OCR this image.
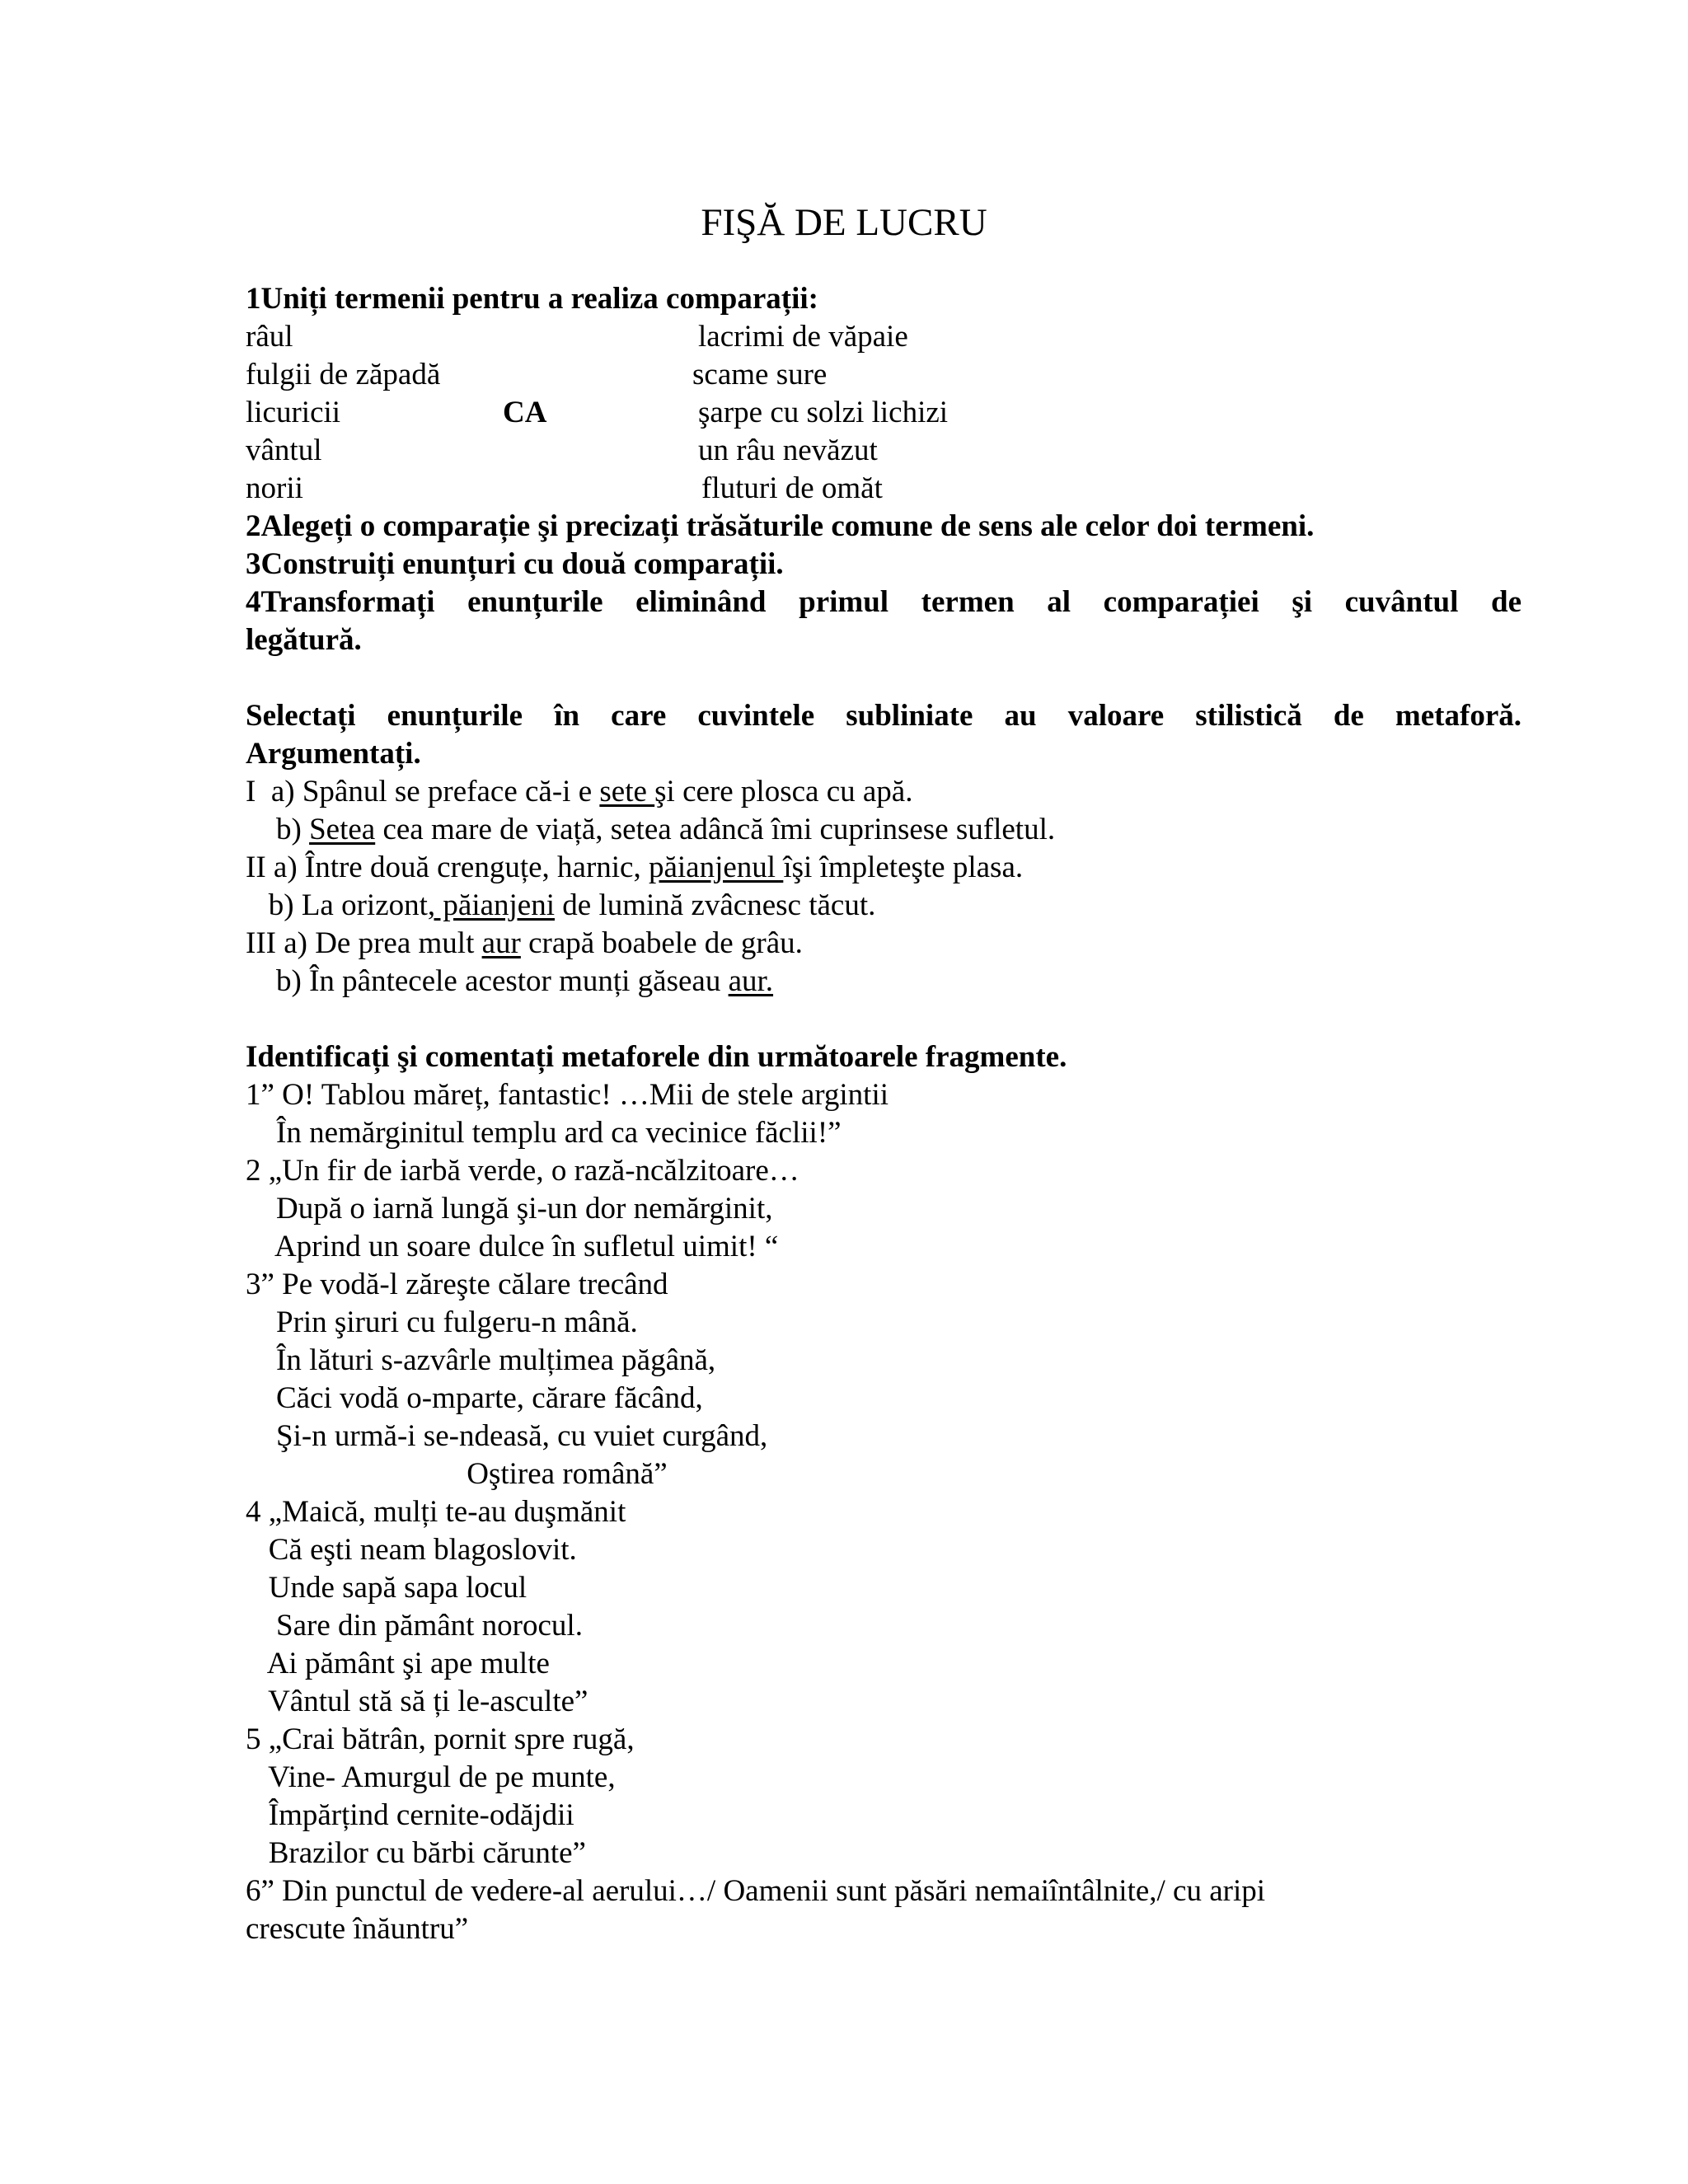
FIŞĂ DE LUCRU
1Uniți termenii pentru a realiza comparații:
râul
fulgii de zăpadă
licuricii
vântul
norii
CA
lacrimi de văpaie
scame sure
şarpe cu solzi lichizi
un râu nevăzut
fluturi de omăt
2Alegeți o comparație şi precizați trăsăturile comune de sens ale celor doi termeni.
3Construiți enunțuri cu două comparații.
4Transformați enunțurile eliminând primul termen al comparației şi cuvântul de
legătură.
Selectați enunțurile în care cuvintele subliniate au valoare stilistică de metaforă.
Argumentați.
I  a) Spânul se preface că-i e sete şi cere plosca cu apă.
b) Setea cea mare de viață, setea adâncă îmi cuprinsese sufletul.
II a) Între două crenguțe, harnic, păianjenul îşi împleteşte plasa.
b) La orizont, păianjeni de lumină zvâcnesc tăcut.
III a) De prea mult aur crapă boabele de grâu.
b) În pântecele acestor munți găseau aur.
Identificați şi comentați metaforele din următoarele fragmente.
1” O! Tablou măreț, fantastic! …Mii de stele argintii
În nemărginitul templu ard ca vecinice făclii!”
2 „Un fir de iarbă verde, o rază-ncălzitoare…
După o iarnă lungă şi-un dor nemărginit,
Aprind un soare dulce în sufletul uimit! “
3” Pe vodă-l zăreşte călare trecând
Prin şiruri cu fulgeru-n mână.
În lături s-azvârle mulțimea păgână,
Căci vodă o-mparte, cărare făcând,
Şi-n urmă-i se-ndeasă, cu vuiet curgând,
Oştirea română”
4 „Maică, mulți te-au duşmănit
Că eşti neam blagoslovit.
Unde sapă sapa locul
Sare din pământ norocul.
Ai pământ şi ape multe
Vântul stă să ți le-asculte”
5 „Crai bătrân, pornit spre rugă,
Vine- Amurgul de pe munte,
Împărțind cernite-odăjdii
Brazilor cu bărbi cărunte”
6” Din punctul de vedere-al aerului…/ Oamenii sunt păsări nemaiîntâlnite,/ cu aripi
crescute înăuntru”
